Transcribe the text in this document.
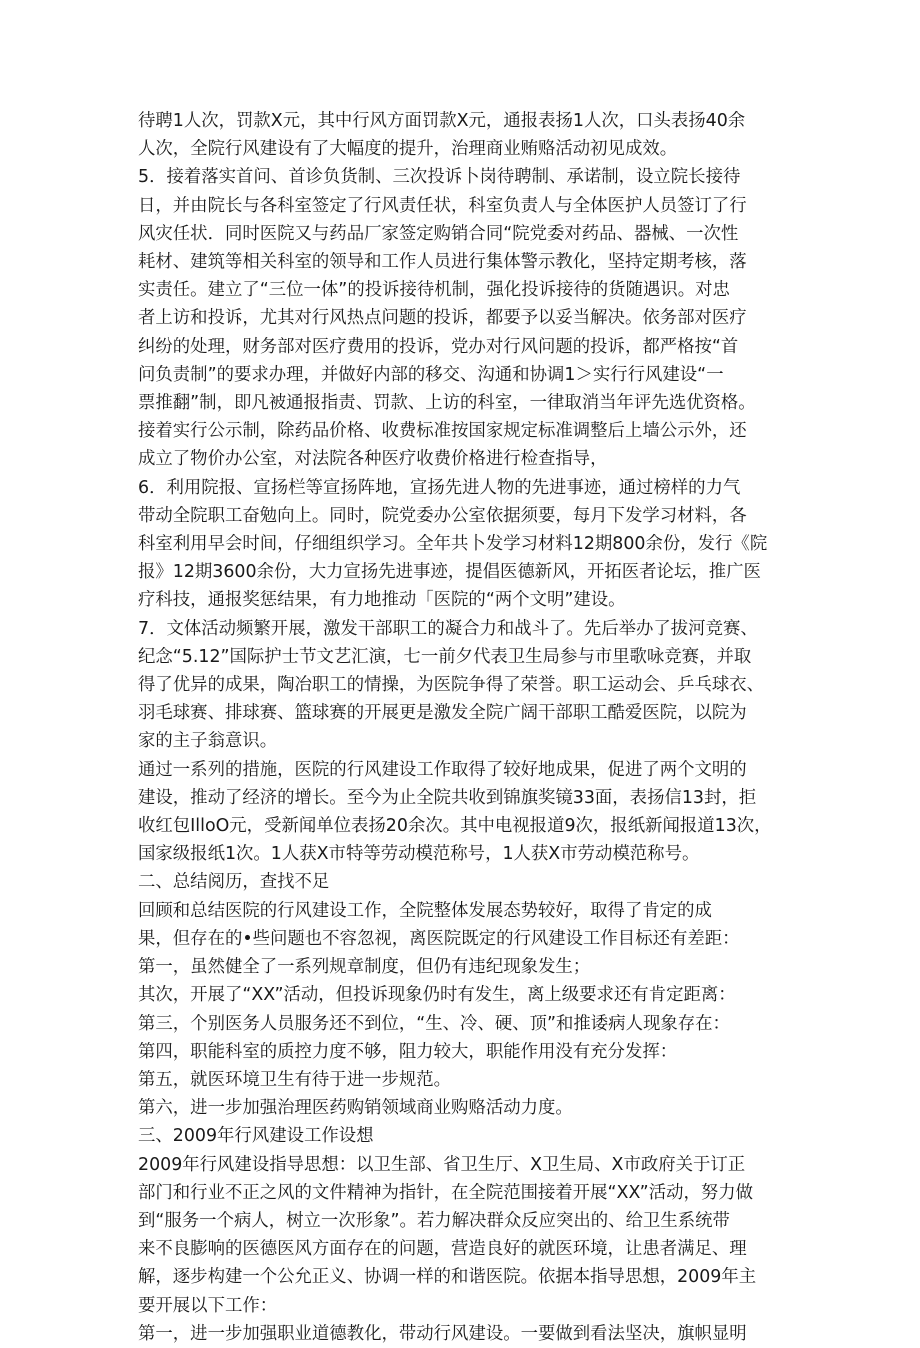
待聘1人次，罚款X元，其中行风方面罚款X元，通报表扬1人次，口头表扬40余
人次，全院行风建设有了大幅度的提升，治理商业贿赂活动初见成效。
5．接着落实首问、首诊负货制、三次投诉卜岗待聘制、承诺制，设立院长接待
日，并由院长与各科室签定了行风责任状，科室负责人与全体医护人员签订了行
风灾任状．同时医院又与药品厂家签定购销合同“院党委对药品、器械、一次性
耗材、建筑等相关科室的领导和工作人员进行集体警示教化，坚持定期考核，落
实责任。建立了“三位一体”的投诉接待机制，强化投诉接待的货随遇识。对忠
者上访和投诉，尤其对行风热点问题的投诉，都要予以妥当解决。依务部对医疗
纠纷的处理，财务部对医疗费用的投诉，党办对行风问题的投诉，都严格按“首
问负责制”的要求办理，并做好内部的移交、沟通和协调1＞实行行风建设“一
票推翻”制，即凡被通报指责、罚款、上访的科室，一律取消当年评先选优资格。
接着实行公示制，除药品价格、收费标准按国家规定标准调整后上墙公示外，还
成立了物价办公室，对法院各种医疗收费价格进行检查指导，
6．利用院报、宣扬栏等宣扬阵地，宣扬先进人物的先进事迹，通过榜样的力气
带动全院职工奋勉向上。同时，院党委办公室依据须要，每月下发学习材料，各
科室利用早会时间，仔细组织学习。全年共卜发学习材料12期800余份，发行《院
报》12期3600余份，大力宣扬先进事迹，提倡医德新风，开拓医者论坛，推广医
疗科技，通报奖惩结果，有力地推动「医院的“两个文明”建设。
7．文体活动频繁开展，激发干部职工的凝合力和战斗了。先后举办了拔河竞赛、
纪念“5.12”国际护士节文艺汇演，七一前夕代表卫生局参与市里歌咏竞赛，并取
得了优异的成果，陶冶职工的情操，为医院争得了荣誉。职工运动会、乒乓球衣、
羽毛球赛、排球赛、篮球赛的开展更是激发全院广阔干部职工酷爱医院，以院为
家的主子翁意识。
通过一系列的措施，医院的行风建设工作取得了较好地成果，促进了两个文明的
建设，推动了经济的增长。至今为止全院共收到锦旗奖镜33面，表扬信13封，拒
收红包IlloO元，受新闻单位表扬20余次。其中电视报道9次，报纸新闻报道13次，
国家级报纸1次。1人获X市特等劳动模范称号，1人获X市劳动模范称号。
二、总结阅历，查找不足
回顾和总结医院的行风建设工作，全院整体发展态势较好，取得了肯定的成
果，但存在的•些问题也不容忽视，离医院既定的行风建设工作目标还有差距：
第一，虽然健全了一系列规章制度，但仍有违纪现象发生；
其次，开展了“XX”活动，但投诉现象仍时有发生，离上级要求还有肯定距离：
第三，个别医务人员服务还不到位，“生、冷、硬、顶”和推诿病人现象存在：
第四，职能科室的质控力度不够，阻力较大，职能作用没有充分发挥：
第五，就医环境卫生有待于进一步规范。
第六，进一步加强治理医药购销领域商业购赂活动力度。
三、2009年行风建设工作设想
2009年行风建设指导思想：以卫生部、省卫生厅、X卫生局、X市政府关于订正
部门和行业不正之风的文件精神为指针，在全院范围接着开展“XX”活动，努力做
到“服务一个病人，树立一次形象”。若力解决群众反应突出的、给卫生系统带
来不良膨响的医德医风方面存在的问题，营造良好的就医环境，让患者满足、理
解，逐步构建一个公允正义、协调一样的和谐医院。依据本指导思想，2009年主
要开展以下工作：
第一，进一步加强职业道德教化，带动行风建设。一要做到看法坚决，旗帜显明
